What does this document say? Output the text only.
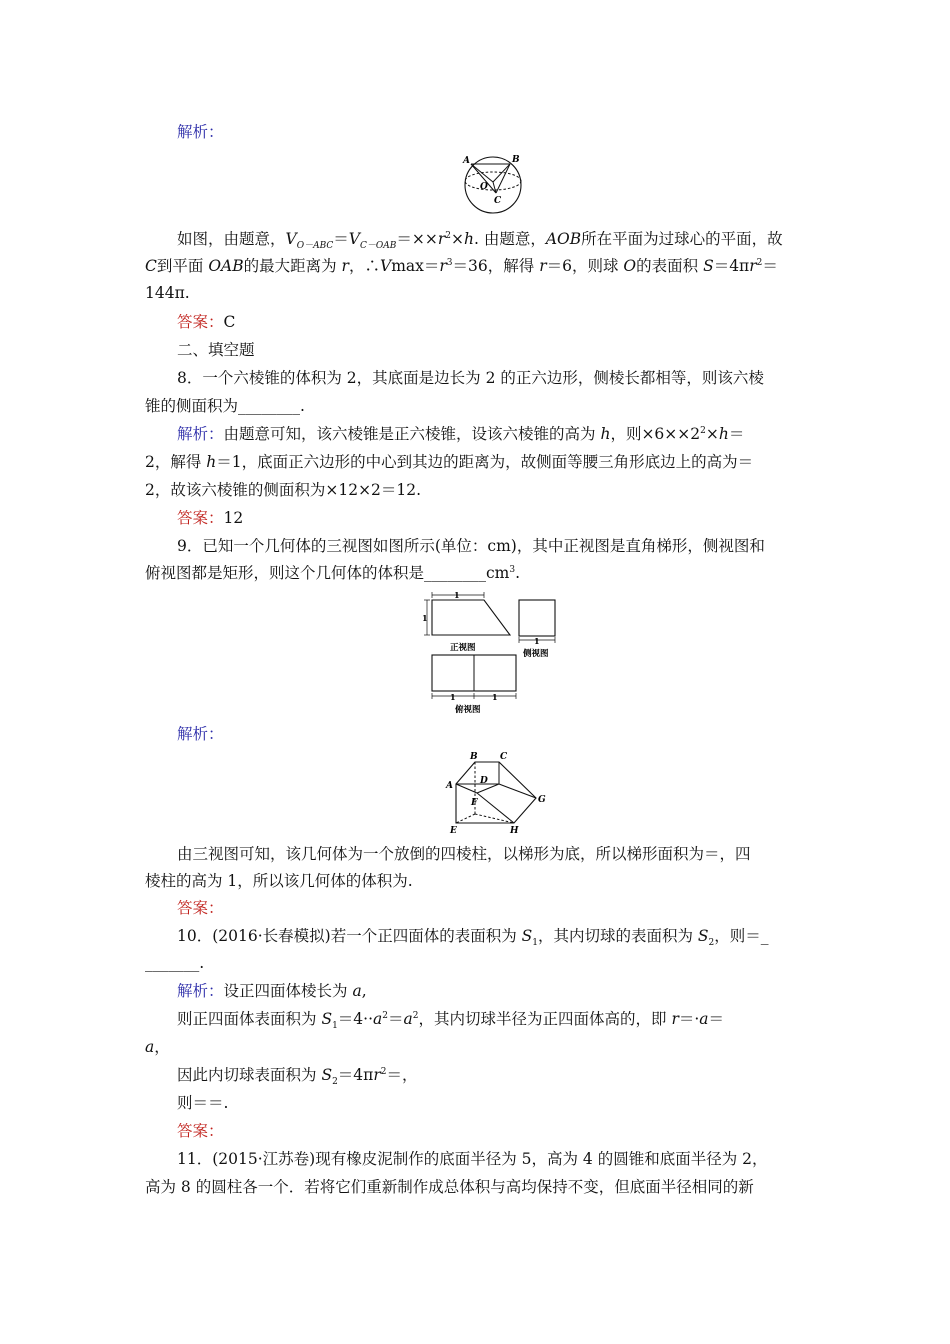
解析：
A	B
O
C
如图，由题意，$V_{O-ABC}=V_{C-OAB}=\times\times r^2\times h$. 由题意，AOB所在平面为过球心的平面，故
C到平面 OAB的最大距离为 r，$\therefore Vmax=r^3=36$，解得 r＝6，则球 O的表面积 $S=4\pi r^2=$
144π.
答案：C
二、填空题
8．一个六棱锥的体积为 2，其底面是边长为 2 的正六边形，侧棱长都相等，则该六棱
锥的侧面积为________.
解析：由题意可知，该六棱锥是正六棱锥，设该六棱锥的高为 h，则$\times 6\times\times 2^2\times h=$
2，解得 h＝1，底面正六边形的中心到其边的距离为，故侧面等腰三角形底边上的高为＝
2，故该六棱锥的侧面积为×12×2＝12.
答案：12
9．已知一个几何体的三视图如图所示(单位：cm)，其中正视图是直角梯形，侧视图和
俯视图都是矩形，则这个几何体的体积是$\_\_\_\_\_\_\_\_cm^3$.
1
1
正视图
1
侧视图
1	1
俯视图
解析：
B C
A	D
F	G
E	H
由三视图可知，该几何体为一个放倒的四棱柱，以梯形为底，所以梯形面积为＝，四
棱柱的高为 1，所以该几何体的体积为.
答案：
10．(2016·长春模拟)若一个正四面体的表面积为 $S_1$，其内切球的表面积为 $S_2$，则＝_
_______.
解析：设正四面体棱长为 a,
则正四面体表面积为 $S_1=4\cdot\cdot a^2=a^2$，其内切球半径为正四面体高的，即 r＝·a＝
a，
因此内切球表面积为 $S_2=4\pi r^2=$，
则＝＝.
答案：
11．(2015·江苏卷)现有橡皮泥制作的底面半径为 5，高为 4 的圆锥和底面半径为 2，
高为 8 的圆柱各一个．若将它们重新制作成总体积与高均保持不变，但底面半径相同的新
